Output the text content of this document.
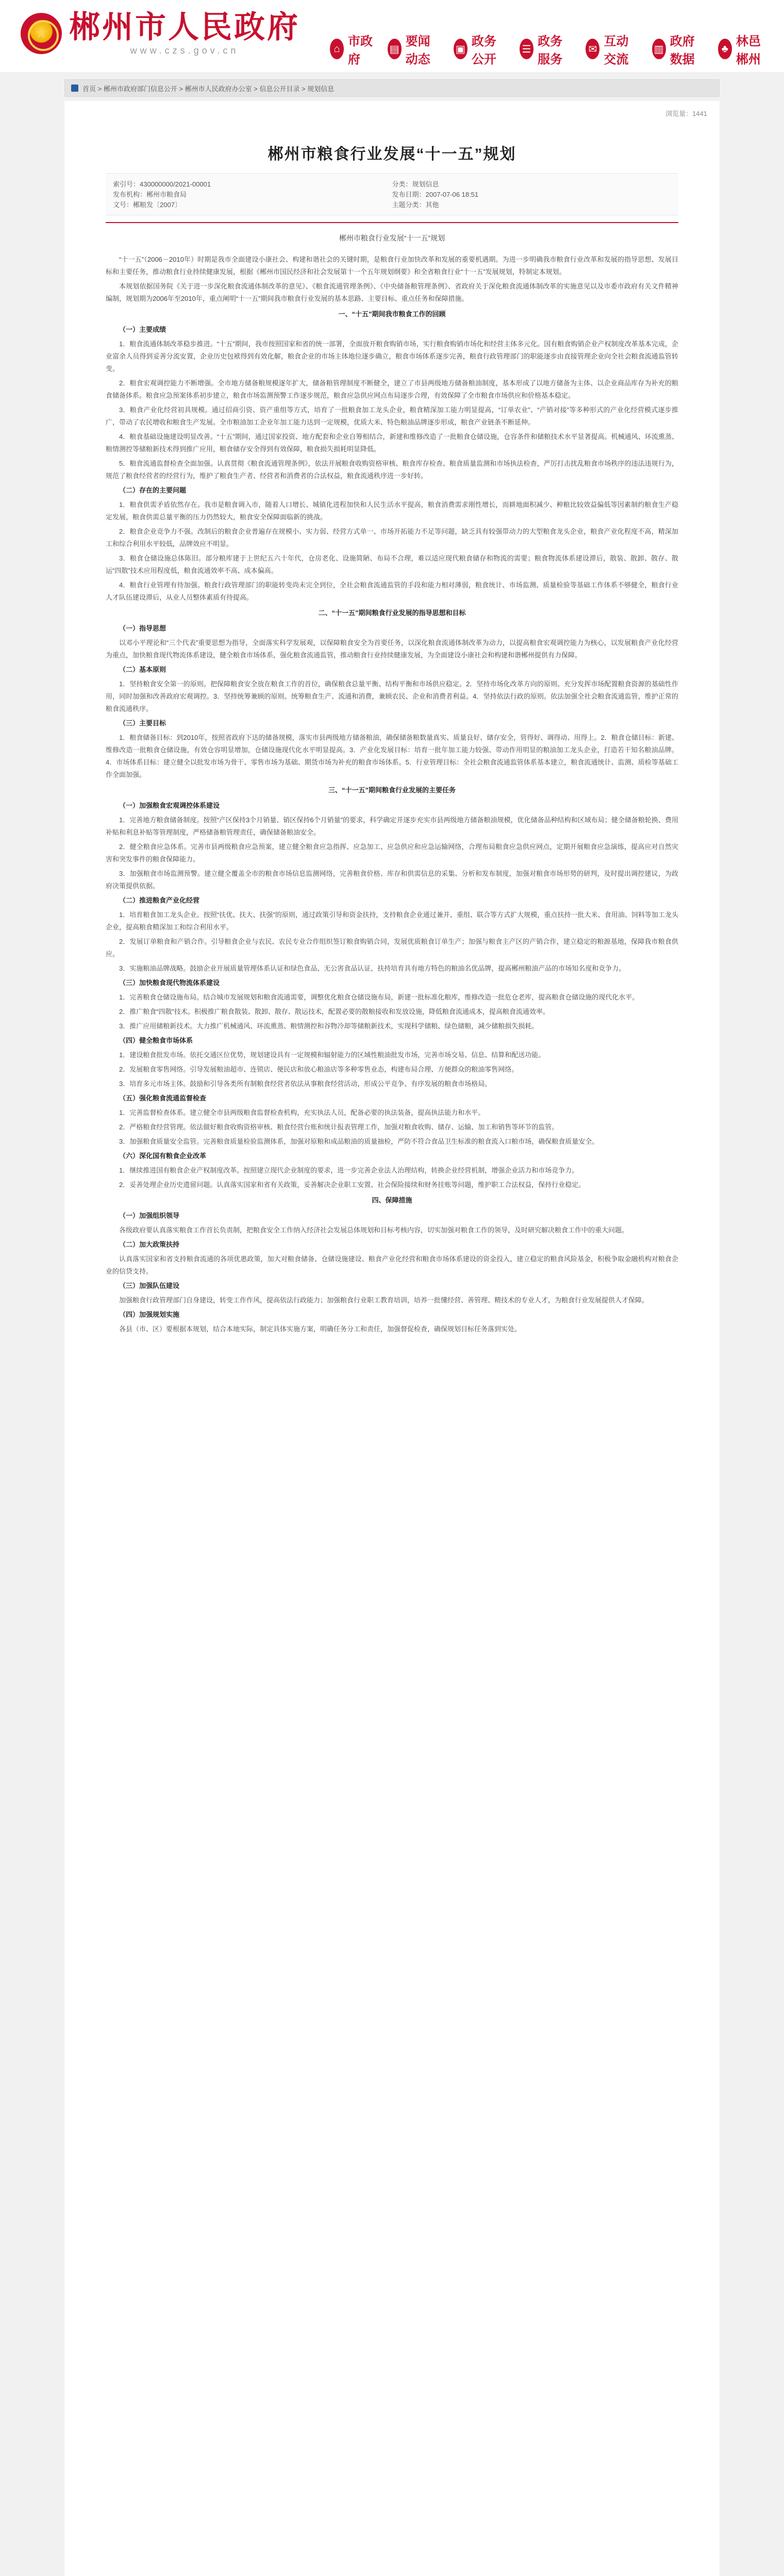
★ 郴州市人民政府
www.czs.gov.cn	⌂
市政府
▤
要闻动态
▣
政务公开
☰
政务服务
✉
互动交流
▥
政府数据
♣
林邑郴州
首页 > 郴州市政府部门信息公开 > 郴州市人民政府办公室 > 信息公开目录 > 规划信息
浏览量：1441
郴州市粮食行业发展“十一五”规划
索引号：430000000/2021-00001	分类：规划信息
发布机构：郴州市粮食局	发布日期：2007-07-06 18:51
文号：郴粮发〔2007〕	主题分类：其他
郴州市粮食行业发展“十一五”规划
“十一五”（2006－2010年）时期是我市全面建设小康社会、构建和谐社会的关键时期，是粮食行业加快改革和发展的重要机遇期。为进一步明确我市粮食行业改革和发展的指导思想、发展目标和主要任务，推动粮食行业持续健康发展，根据《郴州市国民经济和社会发展第十一个五年规划纲要》和全省粮食行业“十一五”发展规划，特制定本规划。
本规划依据国务院《关于进一步深化粮食流通体制改革的意见》、《粮食流通管理条例》、《中央储备粮管理条例》、省政府关于深化粮食流通体制改革的实施意见以及市委市政府有关文件精神编制，规划期为2006年至2010年，重点阐明“十一五”期间我市粮食行业发展的基本思路、主要目标、重点任务和保障措施。
一、“十五”期间我市粮食工作的回顾
（一）主要成绩
1．粮食流通体制改革稳步推进。“十五”期间，我市按照国家和省的统一部署，全面放开粮食购销市场，实行粮食购销市场化和经营主体多元化。国有粮食购销企业产权制度改革基本完成，企业富余人员得到妥善分流安置，企业历史包袱得到有效化解，粮食企业的市场主体地位逐步确立，粮食市场体系逐步完善，粮食行政管理部门的职能逐步由直接管理企业向全社会粮食流通监管转变。
2．粮食宏观调控能力不断增强。全市地方储备粮规模逐年扩大，储备粮管理制度不断健全，建立了市县两级地方储备粮油制度，基本形成了以地方储备为主体、以企业商品库存为补充的粮食储备体系。粮食应急预案体系初步建立，粮食市场监测预警工作逐步规范，粮食应急供应网点布局逐步合理，有效保障了全市粮食市场供应和价格基本稳定。
3．粮食产业化经营初具规模。通过招商引资、资产重组等方式，培育了一批粮食加工龙头企业，粮食精深加工能力明显提高，“订单农业”、“产销对接”等多种形式的产业化经营模式逐步推广，带动了农民增收和粮食生产发展。全市粮油加工企业年加工能力达到一定规模，优质大米、特色粮油品牌逐步形成，粮食产业链条不断延伸。
4．粮食基础设施建设明显改善。“十五”期间，通过国家投资、地方配套和企业自筹相结合，新建和维修改造了一批粮食仓储设施，仓容条件和储粮技术水平显著提高。机械通风、环流熏蒸、粮情测控等储粮新技术得到推广应用，粮食储存安全得到有效保障，粮食损失损耗明显降低。
5．粮食流通监督检查全面加强。认真贯彻《粮食流通管理条例》，依法开展粮食收购资格审核、粮食库存检查、粮食质量监测和市场执法检查，严厉打击扰乱粮食市场秩序的违法违规行为，规范了粮食经营者的经营行为，维护了粮食生产者、经营者和消费者的合法权益，粮食流通秩序进一步好转。
（二）存在的主要问题
1．粮食供需矛盾依然存在。我市是粮食调入市，随着人口增长、城镇化进程加快和人民生活水平提高，粮食消费需求刚性增长，而耕地面积减少、种粮比较效益偏低等因素制约粮食生产稳定发展，粮食供需总量平衡的压力仍然较大，粮食安全保障面临新的挑战。
2．粮食企业竞争力不强。改制后的粮食企业普遍存在规模小、实力弱、经营方式单一、市场开拓能力不足等问题，缺乏具有较强带动力的大型粮食龙头企业，粮食产业化程度不高，精深加工和综合利用水平较低，品牌效应不明显。
3．粮食仓储设施总体陈旧。部分粮库建于上世纪五六十年代，仓房老化、设施简陋、布局不合理，难以适应现代粮食储存和物流的需要；粮食物流体系建设滞后，散装、散卸、散存、散运“四散”技术应用程度低，粮食流通效率不高、成本偏高。
4．粮食行业管理有待加强。粮食行政管理部门的职能转变尚未完全到位，全社会粮食流通监管的手段和能力相对薄弱，粮食统计、市场监测、质量检验等基础工作体系不够健全，粮食行业人才队伍建设滞后，从业人员整体素质有待提高。
二、“十一五”期间粮食行业发展的指导思想和目标
（一）指导思想
以邓小平理论和“三个代表”重要思想为指导，全面落实科学发展观，以保障粮食安全为首要任务，以深化粮食流通体制改革为动力，以提高粮食宏观调控能力为核心，以发展粮食产业化经营为重点，加快粮食现代物流体系建设，健全粮食市场体系，强化粮食流通监管，推动粮食行业持续健康发展，为全面建设小康社会和构建和谐郴州提供有力保障。
（二）基本原则
1．坚持粮食安全第一的原则。把保障粮食安全放在粮食工作的首位，确保粮食总量平衡、结构平衡和市场供应稳定。2．坚持市场化改革方向的原则。充分发挥市场配置粮食资源的基础性作用，同时加强和改善政府宏观调控。3．坚持统筹兼顾的原则。统筹粮食生产、流通和消费，兼顾农民、企业和消费者利益。4．坚持依法行政的原则。依法加强全社会粮食流通监管，维护正常的粮食流通秩序。
（三）主要目标
1．粮食储备目标：到2010年，按照省政府下达的储备规模，落实市县两级地方储备粮油，确保储备粮数量真实、质量良好、储存安全，管得好、调得动、用得上。2．粮食仓储目标：新建、维修改造一批粮食仓储设施，有效仓容明显增加，仓储设施现代化水平明显提高。3．产业化发展目标：培育一批年加工能力较强、带动作用明显的粮油加工龙头企业，打造若干知名粮油品牌。4．市场体系目标：建立健全以批发市场为骨干、零售市场为基础、期货市场为补充的粮食市场体系。5．行业管理目标：全社会粮食流通监管体系基本建立，粮食流通统计、监测、质检等基础工作全面加强。
三、“十一五”期间粮食行业发展的主要任务
（一）加强粮食宏观调控体系建设
1．完善地方粮食储备制度。按照“产区保持3个月销量、销区保持6个月销量”的要求，科学确定并逐步充实市县两级地方储备粮油规模，优化储备品种结构和区域布局；健全储备粮轮换、费用补贴和利息补贴等管理制度，严格储备粮管理责任，确保储备粮油安全。
2．健全粮食应急体系。完善市县两级粮食应急预案，建立健全粮食应急指挥、应急加工、应急供应和应急运输网络，合理布局粮食应急供应网点，定期开展粮食应急演练，提高应对自然灾害和突发事件的粮食保障能力。
3．加强粮食市场监测预警。建立健全覆盖全市的粮食市场信息监测网络，完善粮食价格、库存和供需信息的采集、分析和发布制度，加强对粮食市场形势的研判，及时提出调控建议，为政府决策提供依据。
（二）推进粮食产业化经营
1．培育粮食加工龙头企业。按照“扶优、扶大、扶强”的原则，通过政策引导和资金扶持，支持粮食企业通过兼并、重组、联合等方式扩大规模，重点扶持一批大米、食用油、饲料等加工龙头企业，提高粮食精深加工和综合利用水平。
2．发展订单粮食和产销合作。引导粮食企业与农民、农民专业合作组织签订粮食购销合同，发展优质粮食订单生产；加强与粮食主产区的产销合作，建立稳定的粮源基地，保障我市粮食供应。
3．实施粮油品牌战略。鼓励企业开展质量管理体系认证和绿色食品、无公害食品认证，扶持培育具有地方特色的粮油名优品牌，提高郴州粮油产品的市场知名度和竞争力。
（三）加快粮食现代物流体系建设
1．完善粮食仓储设施布局。结合城市发展规划和粮食流通需要，调整优化粮食仓储设施布局，新建一批标准化粮库，维修改造一批危仓老库，提高粮食仓储设施的现代化水平。
2．推广粮食“四散”技术。积极推广粮食散装、散卸、散存、散运技术，配置必要的散粮接收和发放设施，降低粮食流通成本，提高粮食流通效率。
3．推广应用储粮新技术。大力推广机械通风、环流熏蒸、粮情测控和谷物冷却等储粮新技术，实现科学储粮、绿色储粮，减少储粮损失损耗。
（四）健全粮食市场体系
1．建设粮食批发市场。依托交通区位优势，规划建设具有一定规模和辐射能力的区域性粮油批发市场，完善市场交易、信息、结算和配送功能。
2．发展粮食零售网络。引导发展粮油超市、连锁店、便民店和放心粮油店等多种零售业态，构建布局合理、方便群众的粮油零售网络。
3．培育多元市场主体。鼓励和引导各类所有制粮食经营者依法从事粮食经营活动，形成公平竞争、有序发展的粮食市场格局。
（五）强化粮食流通监督检查
1．完善监督检查体系。建立健全市县两级粮食监督检查机构，充实执法人员，配备必要的执法装备，提高执法能力和水平。
2．严格粮食经营管理。依法做好粮食收购资格审核、粮食经营台账和统计报表管理工作，加强对粮食收购、储存、运输、加工和销售等环节的监管。
3．加强粮食质量安全监管。完善粮食质量检验监测体系，加强对原粮和成品粮油的质量抽检，严防不符合食品卫生标准的粮食流入口粮市场，确保粮食质量安全。
（六）深化国有粮食企业改革
1．继续推进国有粮食企业产权制度改革。按照建立现代企业制度的要求，进一步完善企业法人治理结构，转换企业经营机制，增强企业活力和市场竞争力。
2．妥善处理企业历史遗留问题。认真落实国家和省有关政策，妥善解决企业职工安置、社会保险接续和财务挂账等问题，维护职工合法权益，保持行业稳定。
四、保障措施
（一）加强组织领导
各级政府要认真落实粮食工作首长负责制，把粮食安全工作纳入经济社会发展总体规划和目标考核内容，切实加强对粮食工作的领导，及时研究解决粮食工作中的重大问题。
（二）加大政策扶持
认真落实国家和省支持粮食流通的各项优惠政策，加大对粮食储备、仓储设施建设、粮食产业化经营和粮食市场体系建设的资金投入，建立稳定的粮食风险基金，积极争取金融机构对粮食企业的信贷支持。
（三）加强队伍建设
加强粮食行政管理部门自身建设，转变工作作风，提高依法行政能力；加强粮食行业职工教育培训，培养一批懂经营、善管理、精技术的专业人才，为粮食行业发展提供人才保障。
（四）加强规划实施
各县（市、区）要根据本规划，结合本地实际，制定具体实施方案，明确任务分工和责任，加强督促检查，确保规划目标任务落到实处。
